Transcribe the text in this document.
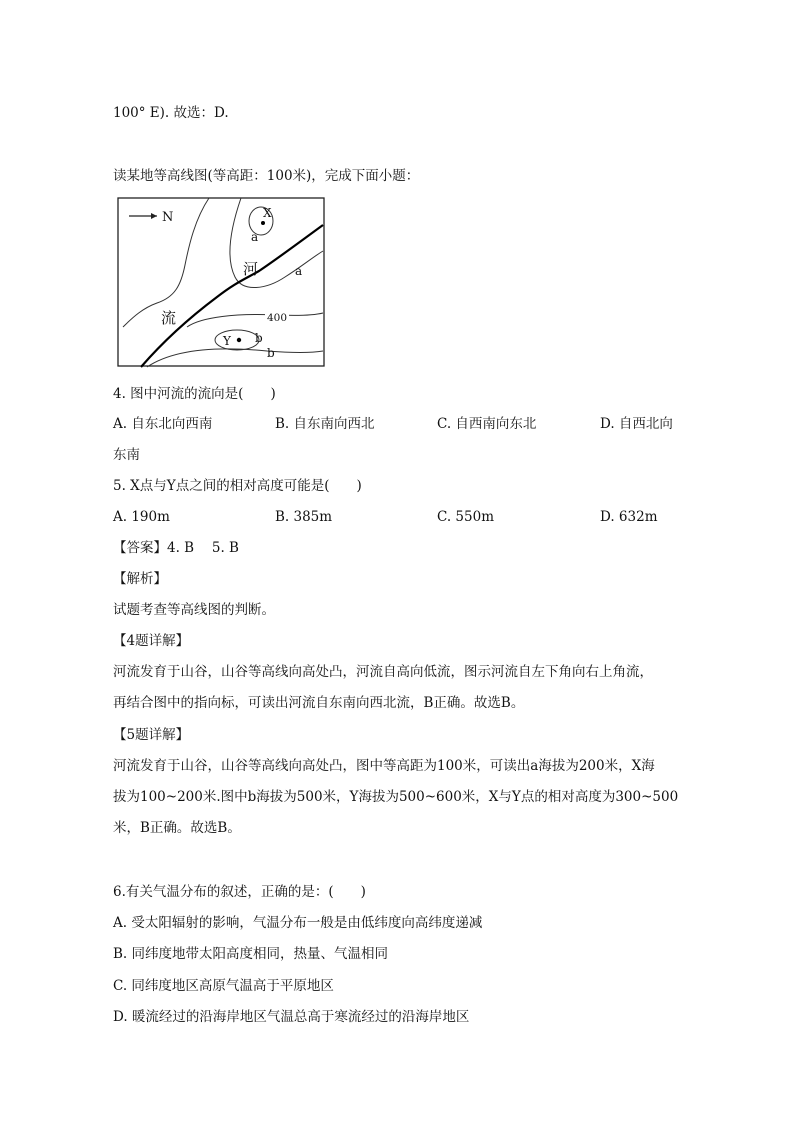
100° E). 故选：D.
读某地等高线图(等高距：100米)，完成下面小题：
N	X
Y
a
a
b
b
400
河
流
4. 图中河流的流向是(　　)
A. 自东北向西南	B. 自东南向西北	C. 自西南向东北	D. 自西北向
东南
5. X点与Y点之间的相对高度可能是(　　)
A. 190m	B. 385m	C. 550m	D. 632m
【答案】4. B　 5. B
【解析】
试题考查等高线图的判断。
【4题详解】
河流发育于山谷，山谷等高线向高处凸，河流自高向低流，图示河流自左下角向右上角流，
再结合图中的指向标，可读出河流自东南向西北流，B正确。故选B。
【5题详解】
河流发育于山谷，山谷等高线向高处凸，图中等高距为100米，可读出a海拔为200米，X海
拔为100~200米.图中b海拔为500米，Y海拔为500~600米，X与Y点的相对高度为300~500
米，B正确。故选B。
6.有关气温分布的叙述，正确的是：(　　)
A. 受太阳辐射的影响，气温分布一般是由低纬度向高纬度递减
B. 同纬度地带太阳高度相同，热量、气温相同
C. 同纬度地区高原气温高于平原地区
D. 暖流经过的沿海岸地区气温总高于寒流经过的沿海岸地区
